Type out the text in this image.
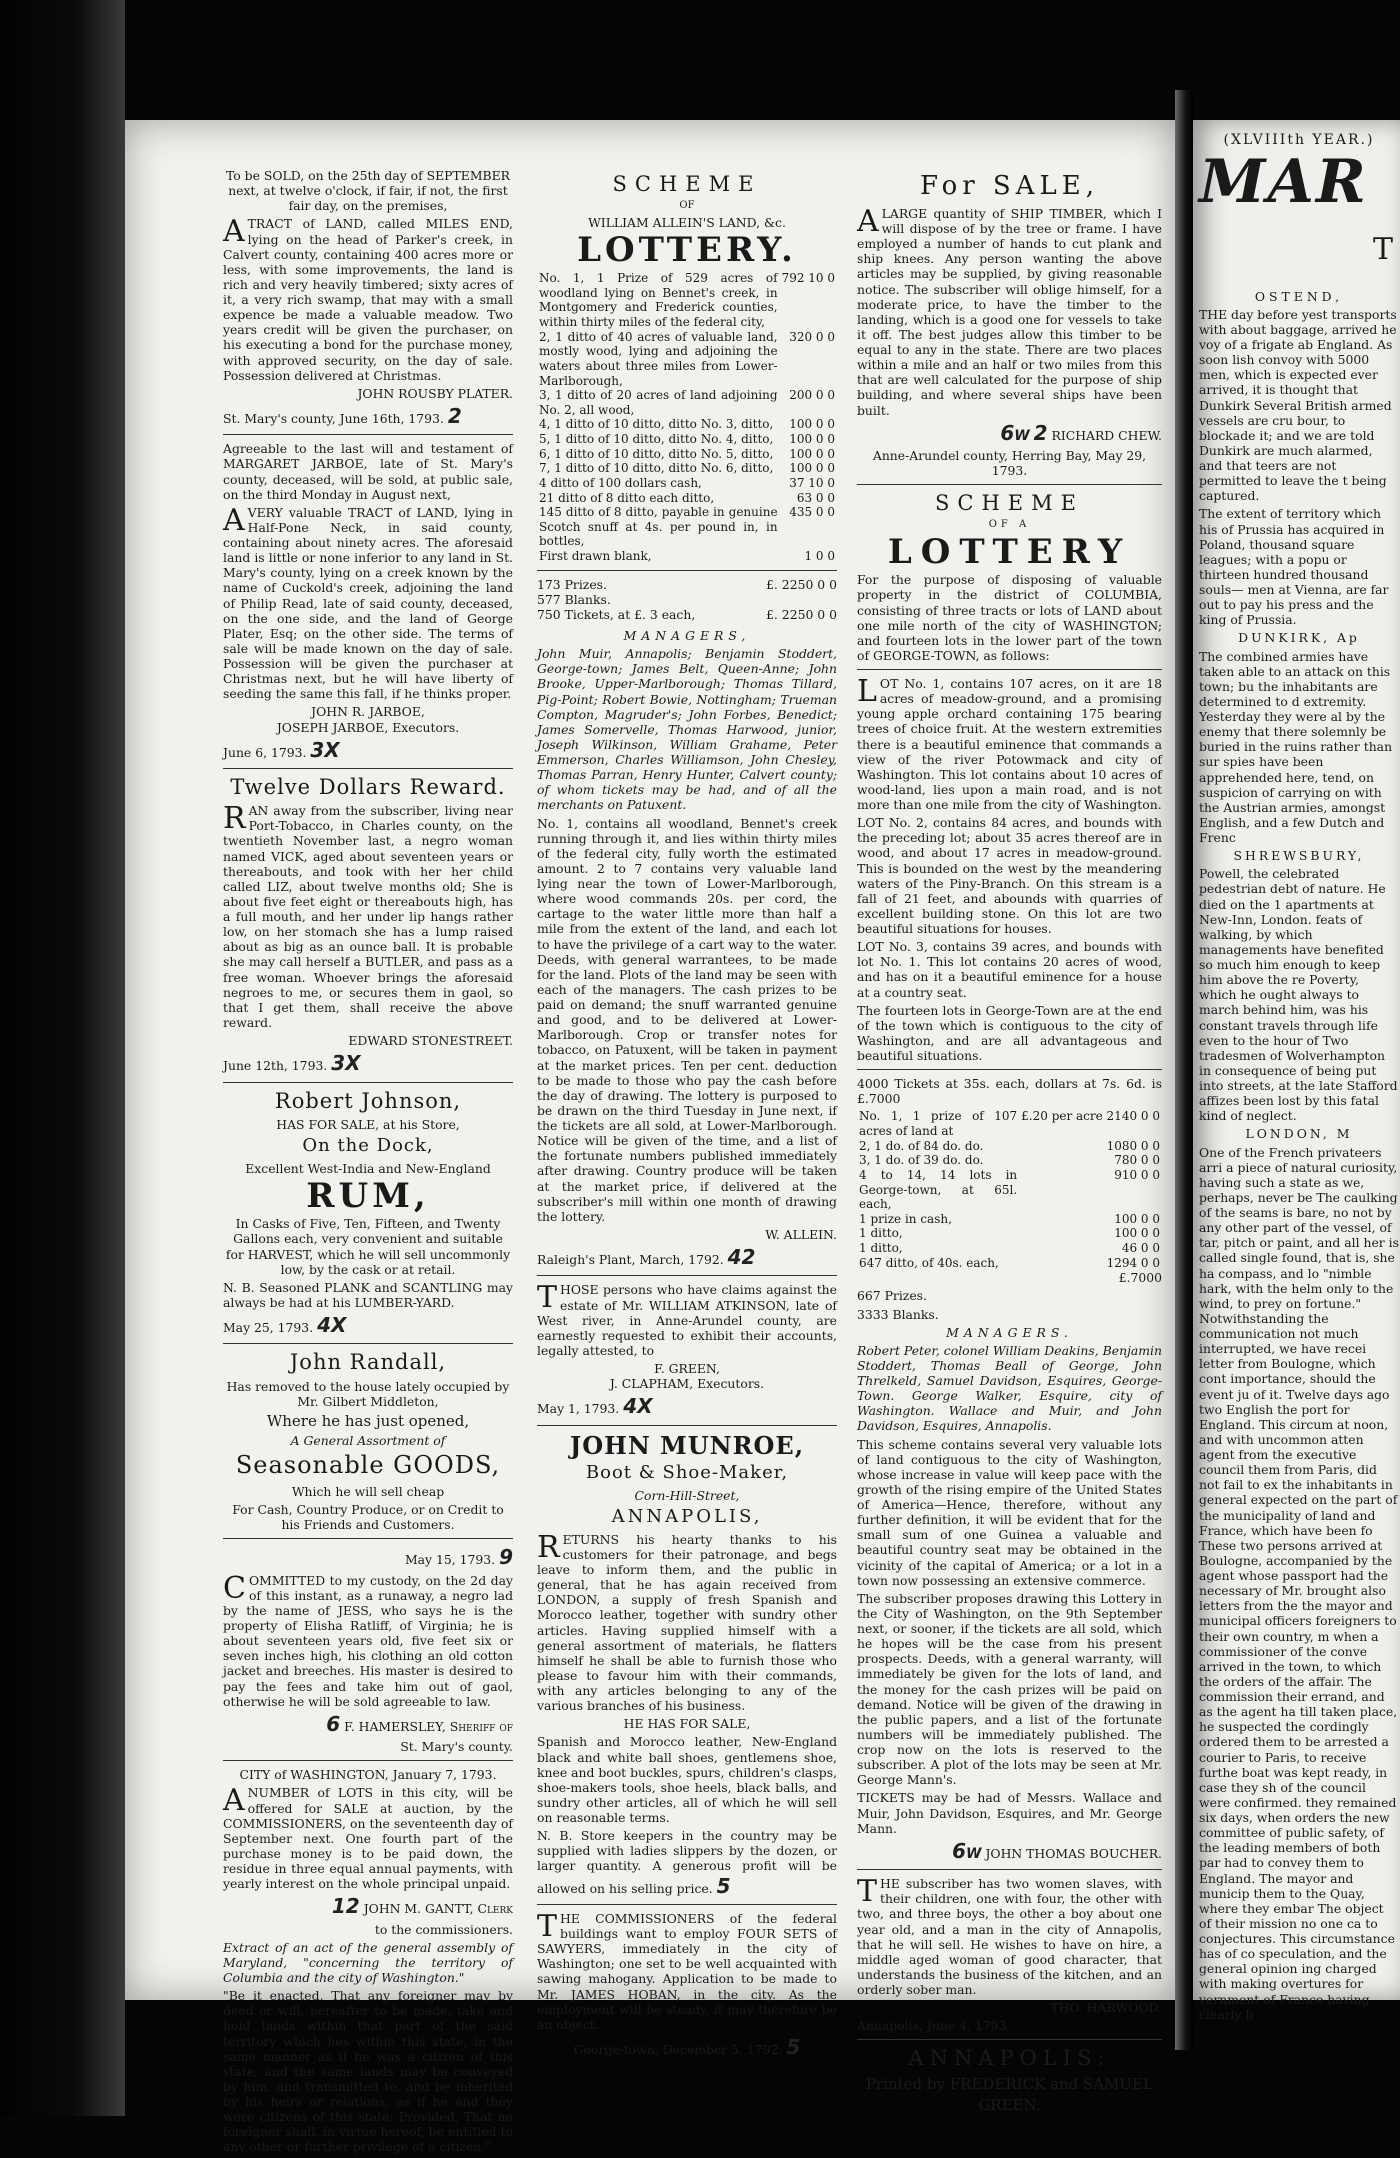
To be SOLD, on the 25th day of SEPTEMBER next, at twelve o'clock, if fair, if not, the first fair day, on the premises,

ATRACT of LAND, called MILES END, lying on the head of Parker's creek, in Calvert county, containing 400 acres more or less, with some improvements, the land is rich and very heavily timbered; sixty acres of it, a very rich swamp, that may with a small expence be made a valuable meadow. Two years credit will be given the purchaser, on his executing a bond for the purchase money, with approved security, on the day of sale. Possession delivered at Christmas.

JOHN ROUSBY PLATER.

St. Mary's county, June 16th, 1793. 2

Agreeable to the last will and testament of MARGARET JARBOE, late of St. Mary's county, deceased, will be sold, at public sale, on the third Monday in August next,

AVERY valuable TRACT of LAND, lying in Half-Pone Neck, in said county, containing about ninety acres. The aforesaid land is little or none inferior to any land in St. Mary's county, lying on a creek known by the name of Cuckold's creek, adjoining the land of Philip Read, late of said county, deceased, on the one side, and the land of George Plater, Esq; on the other side. The terms of sale will be made known on the day of sale. Possession will be given the purchaser at Christmas next, but he will have liberty of seeding the same this fall, if he thinks proper.

JOHN R. JARBOE,
JOSEPH JARBOE, Executors.

June 6, 1793. 3X

Twelve Dollars Reward.

RAN away from the subscriber, living near Port-Tobacco, in Charles county, on the twentieth November last, a negro woman named VICK, aged about seventeen years or thereabouts, and took with her her child called LIZ, about twelve months old; She is about five feet eight or thereabouts high, has a full mouth, and her under lip hangs rather low, on her stomach she has a lump raised about as big as an ounce ball. It is probable she may call herself a BUTLER, and pass as a free woman. Whoever brings the aforesaid negroes to me, or secures them in gaol, so that I get them, shall receive the above reward.

EDWARD STONESTREET.

June 12th, 1793. 3X

Robert Johnson,

HAS FOR SALE, at his Store,

On the Dock,

Excellent West-India and New-England

RUM,

In Casks of Five, Ten, Fifteen, and Twenty Gallons each, very convenient and suitable for HARVEST, which he will sell uncommonly low, by the cask or at retail.

N. B. Seasoned PLANK and SCANTLING may always be had at his LUMBER-YARD.

May 25, 1793. 4X

John Randall,

Has removed to the house lately occupied by Mr. Gilbert Middleton,

Where he has just opened,

A General Assortment of

Seasonable GOODS,

Which he will sell cheap

For Cash, Country Produce, or on Credit to his Friends and Customers.

May 15, 1793. 9

COMMITTED to my custody, on the 2d day of this instant, as a runaway, a negro lad by the name of JESS, who says he is the property of Elisha Ratliff, of Virginia; he is about seventeen years old, five feet six or seven inches high, his clothing an old cotton jacket and breeches. His master is desired to pay the fees and take him out of gaol, otherwise he will be sold agreeable to law.

6 F. HAMERSLEY, Sheriff of

St. Mary's county.

CITY of WASHINGTON, January 7, 1793.

ANUMBER of LOTS in this city, will be offered for SALE at auction, by the COMMISSIONERS, on the seventeenth day of September next. One fourth part of the purchase money is to be paid down, the residue in three equal annual payments, with yearly interest on the whole principal unpaid.

12 JOHN M. GANTT, Clerk

to the commissioners.

Extract of an act of the general assembly of Maryland, "concerning the territory of Columbia and the city of Washington."

"Be it enacted, That any foreigner may by deed or will, hereafter to be made, take and hold lands within that part of the said territory which lies within this state, in the same manner as if he was a citizen of this state; and the same lands may be conveyed by him, and transmitted to, and be inherited by his heirs or relations, as if he and they were citizens of this state: Provided, That no foreigner shall, in virtue hereof, be entitled to any other or further privilege of a citizen."

SCHEME

OF

WILLIAM ALLEIN'S LAND, &c.

LOTTERY.

No. 1, 1 Prize of 529 acres of woodland lying on Bennet's creek, in Montgomery and Frederick counties, within thirty miles of the federal city,	792 10 0
2, 1 ditto of 40 acres of valuable land, mostly wood, lying and adjoining the waters about three miles from Lower-Marlborough,	320 0 0
3, 1 ditto of 20 acres of land adjoining No. 2, all wood,	200 0 0
4, 1 ditto of 10 ditto, ditto No. 3, ditto,	100 0 0
5, 1 ditto of 10 ditto, ditto No. 4, ditto,	100 0 0
6, 1 ditto of 10 ditto, ditto No. 5, ditto,	100 0 0
7, 1 ditto of 10 ditto, ditto No. 6, ditto,	100 0 0
4 ditto of 100 dollars cash,	37 10 0
21 ditto of 8 ditto each ditto,	63 0 0
145 ditto of 8 ditto, payable in genuine Scotch snuff at 4s. per pound in, in bottles,	435 0 0
First drawn blank,	1 0 0
173 Prizes.	£. 2250 0 0
577 Blanks.
750 Tickets, at £. 3 each,	£. 2250 0 0

MANAGERS,

John Muir, Annapolis; Benjamin Stoddert, George-town; James Belt, Queen-Anne; John Brooke, Upper-Marlborough; Thomas Tillard, Pig-Point; Robert Bowie, Nottingham; Trueman Compton, Magruder's; John Forbes, Benedict; James Somervelle, Thomas Harwood, junior, Joseph Wilkinson, William Grahame, Peter Emmerson, Charles Williamson, John Chesley, Thomas Parran, Henry Hunter, Calvert county; of whom tickets may be had, and of all the merchants on Patuxent.

No. 1, contains all woodland, Bennet's creek running through it, and lies within thirty miles of the federal city, fully worth the estimated amount. 2 to 7 contains very valuable land lying near the town of Lower-Marlborough, where wood commands 20s. per cord, the cartage to the water little more than half a mile from the extent of the land, and each lot to have the privilege of a cart way to the water. Deeds, with general warrantees, to be made for the land. Plots of the land may be seen with each of the managers. The cash prizes to be paid on demand; the snuff warranted genuine and good, and to be delivered at Lower-Marlborough. Crop or transfer notes for tobacco, on Patuxent, will be taken in payment at the market prices. Ten per cent. deduction to be made to those who pay the cash before the day of drawing. The lottery is purposed to be drawn on the third Tuesday in June next, if the tickets are all sold, at Lower-Marlborough. Notice will be given of the time, and a list of the fortunate numbers published immediately after drawing. Country produce will be taken at the market price, if delivered at the subscriber's mill within one month of drawing the lottery.

W. ALLEIN.

Raleigh's Plant, March, 1792. 42

THOSE persons who have claims against the estate of Mr. WILLIAM ATKINSON, late of West river, in Anne-Arundel county, are earnestly requested to exhibit their accounts, legally attested, to

F. GREEN,
J. CLAPHAM, Executors.

May 1, 1793. 4X

JOHN MUNROE,

Boot & Shoe-Maker,

Corn-Hill-Street,

ANNAPOLIS,

RETURNS his hearty thanks to his customers for their patronage, and begs leave to inform them, and the public in general, that he has again received from LONDON, a supply of fresh Spanish and Morocco leather, together with sundry other articles. Having supplied himself with a general assortment of materials, he flatters himself he shall be able to furnish those who please to favour him with their commands, with any articles belonging to any of the various branches of his business.

HE HAS FOR SALE,

Spanish and Morocco leather, New-England black and white ball shoes, gentlemens shoe, knee and boot buckles, spurs, children's clasps, shoe-makers tools, shoe heels, black balls, and sundry other articles, all of which he will sell on reasonable terms.

N. B. Store keepers in the country may be supplied with ladies slippers by the dozen, or larger quantity. A generous profit will be allowed on his selling price. 5

THE COMMISSIONERS of the federal buildings want to employ FOUR SETS of SAWYERS, immediately in the city of Washington; one set to be well acquainted with sawing mahogany. Application to be made to Mr. JAMES HOBAN, in the city. As the employment will be steady, it may therefore be an object.

George-town, December 5, 1792. 5

For SALE,

ALARGE quantity of SHIP TIMBER, which I will dispose of by the tree or frame. I have employed a number of hands to cut plank and ship knees. Any person wanting the above articles may be supplied, by giving reasonable notice. The subscriber will oblige himself, for a moderate price, to have the timber to the landing, which is a good one for vessels to take it off. The best judges allow this timber to be equal to any in the state. There are two places within a mile and an half or two miles from this that are well calculated for the purpose of ship building, and where several ships have been built.

6w 2 RICHARD CHEW.

Anne-Arundel county, Herring Bay, May 29, 1793.

SCHEME

OF A

LOTTERY

For the purpose of disposing of valuable property in the district of COLUMBIA, consisting of three tracts or lots of LAND about one mile north of the city of WASHINGTON; and fourteen lots in the lower part of the town of GEORGE-TOWN, as follows:

LOT No. 1, contains 107 acres, on it are 18 acres of meadow-ground, and a promising young apple orchard containing 175 bearing trees of choice fruit. At the western extremities there is a beautiful eminence that commands a view of the river Potowmack and city of Washington. This lot contains about 10 acres of wood-land, lies upon a main road, and is not more than one mile from the city of Washington.

LOT No. 2, contains 84 acres, and bounds with the preceding lot; about 35 acres thereof are in wood, and about 17 acres in meadow-ground. This is bounded on the west by the meandering waters of the Piny-Branch. On this stream is a fall of 21 feet, and abounds with quarries of excellent building stone. On this lot are two beautiful situations for houses.

LOT No. 3, contains 39 acres, and bounds with lot No. 1. This lot contains 20 acres of wood, and has on it a beautiful eminence for a house at a country seat.

The fourteen lots in George-Town are at the end of the town which is contiguous to the city of Washington, and are all advantageous and beautiful situations.

4000 Tickets at 35s. each, dollars at 7s. 6d. is £.7000

No. 1, 1 prize of 107 acres of land at	£.20 per acre 2140 0 0
2, 1 do. of 84 do. do.	1080 0 0
3, 1 do. of 39 do. do.	780 0 0
4 to 14, 14 lots in George-town, at 65l. each,	910 0 0
1 prize in cash,	100 0 0
1 ditto,	100 0 0
1 ditto,	46 0 0
647 ditto, of 40s. each,	1294 0 0

£.7000

667 Prizes.

3333 Blanks.

MANAGERS.

Robert Peter, colonel William Deakins, Benjamin Stoddert, Thomas Beall of George, John Threlkeld, Samuel Davidson, Esquires, George-Town. George Walker, Esquire, city of Washington. Wallace and Muir, and John Davidson, Esquires, Annapolis.

This scheme contains several very valuable lots of land contiguous to the city of Washington, whose increase in value will keep pace with the growth of the rising empire of the United States of America—Hence, therefore, without any further definition, it will be evident that for the small sum of one Guinea a valuable and beautiful country seat may be obtained in the vicinity of the capital of America; or a lot in a town now possessing an extensive commerce.

The subscriber proposes drawing this Lottery in the City of Washington, on the 9th September next, or sooner, if the tickets are all sold, which he hopes will be the case from his present prospects. Deeds, with a general warranty, will immediately be given for the lots of land, and the money for the cash prizes will be paid on demand. Notice will be given of the drawing in the public papers, and a list of the fortunate numbers will be immediately published. The crop now on the lots is reserved to the subscriber. A plot of the lots may be seen at Mr. George Mann's.

TICKETS may be had of Messrs. Wallace and Muir, John Davidson, Esquires, and Mr. George Mann.

6w JOHN THOMAS BOUCHER.

THE subscriber has two women slaves, with their children, one with four, the other with two, and three boys, the other a boy about one year old, and a man in the city of Annapolis, that he will sell. He wishes to have on hire, a middle aged woman of good character, that understands the business of the kitchen, and an orderly sober man.

THO. HARWOOD.

Annapolis, June 4, 1793.

ANNAPOLIS:

Printed by FREDERICK and SAMUEL

GREEN.

(XLVIIIth YEAR.)

MAR

T

OSTEND,

THE day before yest transports with about baggage, arrived he voy of a frigate ab England. As soon lish convoy with 5000 men, which is expected ever arrived, it is thought that Dunkirk Several British armed vessels are cru bour, to blockade it; and we are told Dunkirk are much alarmed, and that teers are not permitted to leave the t being captured.

The extent of territory which his of Prussia has acquired in Poland, thousand square leagues; with a popu or thirteen hundred thousand souls— men at Vienna, are far out to pay his press and the king of Prussia.

DUNKIRK, Ap

The combined armies have taken able to an attack on this town; bu the inhabitants are determined to d extremity. Yesterday they were al by the enemy that there solemnly be buried in the ruins rather than sur spies have been apprehended here, tend, on suspicion of carrying on with the Austrian armies, amongst English, and a few Dutch and Frenc

SHREWSBURY,

Powell, the celebrated pedestrian debt of nature. He died on the 1 apartments at New-Inn, London. feats of walking, by which managements have benefited so much him enough to keep him above the re Poverty, which he ought always to march behind him, was his constant travels through life even to the hour of Two tradesmen of Wolverhampton in consequence of being put into streets, at the late Stafford affizes been lost by this fatal kind of neglect.

LONDON, M

One of the French privateers arri a piece of natural curiosity, having such a state as we, perhaps, never be The caulking of the seams is bare, no not by any other part of the vessel, of tar, pitch or paint, and all her is called single found, that is, she ha compass, and lo "nimble hark, with the helm only to the wind, to prey on fortune." Notwithstanding the communication not much interrupted, we have recei letter from Boulogne, which cont importance, should the event ju of it. Twelve days ago two English the port for England. This circum at noon, and with uncommon atten agent from the executive council them from Paris, did not fail to ex the inhabitants in general expected on the part of the municipality of land and France, which have been fo These two persons arrived at Boulogne, accompanied by the agent whose passport had the necessary of Mr. brought also letters from the the mayor and municipal officers foreigners to their own country, m when a commissioner of the conve arrived in the town, to which the orders of the affair. The commission their errand, and as the agent ha till taken place, he suspected the cordingly ordered them to be arrested a courier to Paris, to receive furthe boat was kept ready, in case they sh of the council were confirmed. they remained six days, when orders the new committee of public safety, of the leading members of both par had to convey them to England. The mayor and municip them to the Quay, where they embar The object of their mission no one ca to conjectures. This circumstance has of co speculation, and the general opinion ing charged with making overtures for vernment of France having clearly b
